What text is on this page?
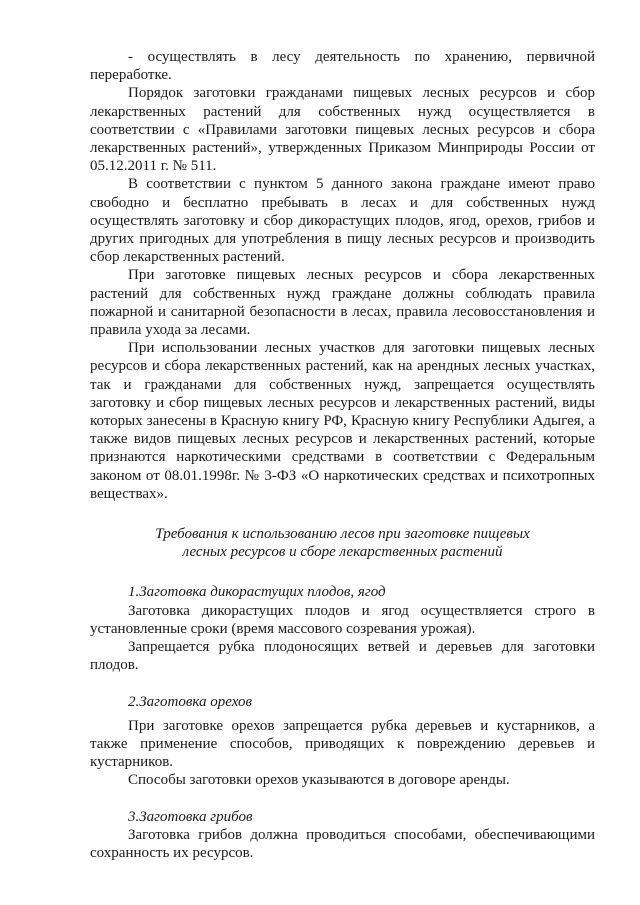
- осуществлять в лесу деятельность по хранению, первичной переработке.

Порядок заготовки гражданами пищевых лесных ресурсов и сбор лекарственных растений для собственных нужд осуществляется в соответствии с «Правилами заготовки пищевых лесных ресурсов и сбора лекарственных растений», утвержденных Приказом Минприроды России от 05.12.2011 г. № 511.

В соответствии с пунктом 5 данного закона граждане имеют право свободно и бесплатно пребывать в лесах и для собственных нужд осуществлять заготовку и сбор дикорастущих плодов, ягод, орехов, грибов и других пригодных для употребления в пищу лесных ресурсов и производить сбор лекарственных растений.

При заготовке пищевых лесных ресурсов и сбора лекарственных растений для собственных нужд граждане должны соблюдать правила пожарной и санитарной безопасности в лесах, правила лесовосстановления и правила ухода за лесами.

При использовании лесных участков для заготовки пищевых лесных ресурсов и сбора лекарственных растений, как на арендных лесных участках, так и гражданами для собственных нужд, запрещается осуществлять заготовку и сбор пищевых лесных ресурсов и лекарственных растений, виды которых занесены в Красную книгу РФ, Красную книгу Республики Адыгея, а также видов пищевых лесных ресурсов и лекарственных растений, которые признаются наркотическими средствами в соответствии с Федеральным законом от 08.01.1998г. № 3-ФЗ «О наркотических средствах и психотропных веществах».

Требования к использованию лесов при заготовке пищевых

лесных ресурсов и сборе лекарственных растений

1.Заготовка дикорастущих плодов, ягод

Заготовка дикорастущих плодов и ягод осуществляется строго в установленные сроки (время массового созревания урожая).

Запрещается рубка плодоносящих ветвей и деревьев для заготовки плодов.

2.Заготовка орехов

При заготовке орехов запрещается рубка деревьев и кустарников, а также применение способов, приводящих к повреждению деревьев и кустарников.

Способы заготовки орехов указываются в договоре аренды.

3.Заготовка грибов

Заготовка грибов должна проводиться способами, обеспечивающими сохранность их ресурсов.
